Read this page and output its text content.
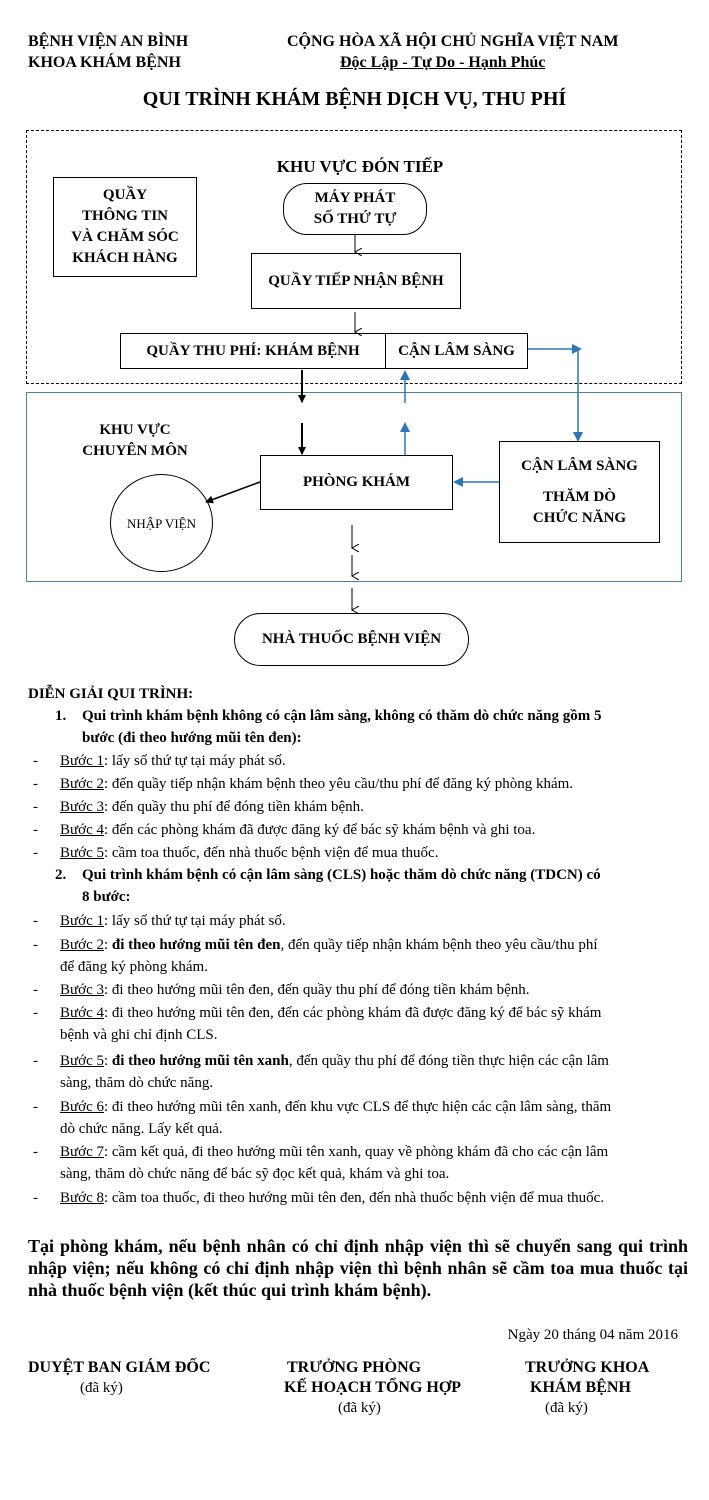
BỆNH VIỆN AN BÌNH
KHOA KHÁM BỆNH
CỘNG HÒA XÃ HỘI CHỦ NGHĨA VIỆT NAM
Độc Lập - Tự Do - Hạnh Phúc
QUI TRÌNH KHÁM BỆNH DỊCH VỤ, THU PHÍ
KHU VỰC ĐÓN TIẾP
QUẦY
THÔNG TIN
VÀ CHĂM SÓC
KHÁCH HÀNG
MÁY PHÁT
SỐ THỨ TỰ
QUẦY TIẾP NHẬN BỆNH
QUẦY THU PHÍ: KHÁM BỆNH	CẬN LÂM SÀNG
KHU VỰC
CHUYÊN MÔN
PHÒNG KHÁM
CẬN LÂM SÀNG
THĂM DÒ
CHỨC NĂNG
NHẬP VIỆN
NHÀ THUỐC BỆNH VIỆN
DIỄN GIẢI QUI TRÌNH:
1. Qui trình khám bệnh không có cận lâm sàng, không có thăm dò chức năng gồm 5
bước (đi theo hướng mũi tên đen):
- Bước 1: lấy số thứ tự tại máy phát số.
- Bước 2: đến quầy tiếp nhận khám bệnh theo yêu cầu/thu phí để đăng ký phòng khám.
- Bước 3: đến quầy thu phí để đóng tiền khám bệnh.
- Bước 4: đến các phòng khám đã được đăng ký để bác sỹ khám bệnh và ghi toa.
- Bước 5: cầm toa thuốc, đến nhà thuốc bệnh viện để mua thuốc.
2. Qui trình khám bệnh có cận lâm sàng (CLS) hoặc thăm dò chức năng (TDCN) có
8 bước:
- Bước 1: lấy số thứ tự tại máy phát số.
- Bước 2: đi theo hướng mũi tên đen, đến quầy tiếp nhận khám bệnh theo yêu cầu/thu phí
để đăng ký phòng khám.
- Bước 3: đi theo hướng mũi tên đen, đến quầy thu phí để đóng tiền khám bệnh.
- Bước 4: đi theo hướng mũi tên đen, đến các phòng khám đã được đăng ký để bác sỹ khám
bệnh và ghi chỉ định CLS.
- Bước 5: đi theo hướng mũi tên xanh, đến quầy thu phí để đóng tiền thực hiện các cận lâm
sàng, thăm dò chức năng.
- Bước 6: đi theo hướng mũi tên xanh, đến khu vực CLS để thực hiện các cận lâm sàng, thăm
dò chức năng. Lấy kết quả.
- Bước 7: cầm kết quả, đi theo hướng mũi tên xanh, quay về phòng khám đã cho các cận lâm
sàng, thăm dò chức năng để bác sỹ đọc kết quả, khám và ghi toa.
- Bước 8: cầm toa thuốc, đi theo hướng mũi tên đen, đến nhà thuốc bệnh viện để mua thuốc.
Tại phòng khám, nếu bệnh nhân có chỉ định nhập viện thì sẽ chuyển sang qui trình nhập viện; nếu không có chỉ định nhập viện thì bệnh nhân sẽ cầm toa mua thuốc tại nhà thuốc bệnh viện (kết thúc qui trình khám bệnh).
Ngày 20 tháng 04 năm 2016
DUYỆT BAN GIÁM ĐỐC
(đã ký)
TRƯỞNG PHÒNG
KẾ HOẠCH TỔNG HỢP
(đã ký)
TRƯỞNG KHOA
KHÁM BỆNH
(đã ký)
